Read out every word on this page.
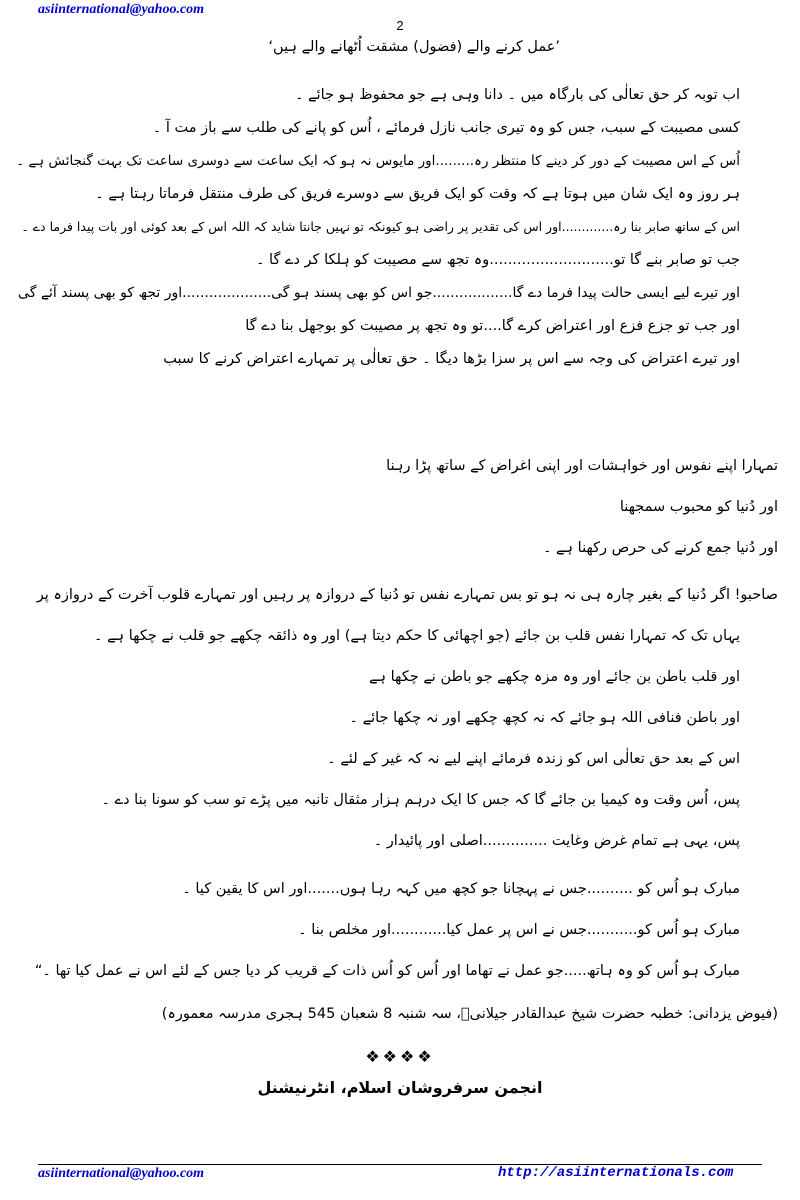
asiinternational@yahoo.com
2
’عمل کرنے والے (فضول) مشقت اُٹھانے والے ہیں‘
اب توبہ کر حق تعالٰی کی بارگاہ میں ۔ دانا وہی ہے جو محفوظ ہو جائے ۔
کسی مصیبت کے سبب، جس کو وہ تیری جانب نازل فرمائے ، اُس کو پانے کی طلب سے باز مت آ ۔
اُس کے اس مصیبت کے دور کر دینے کا منتظر رہ.........اور مایوس نہ ہو کہ ایک ساعت سے دوسری ساعت تک بہت گنجائش ہے ۔
ہر روز وہ ایک شان میں ہوتا ہے کہ وقت کو ایک فریق سے دوسرے فریق کی طرف منتقل فرماتا رہتا ہے ۔
اس کے ساتھ صابر بنا رہ.............اور اس کی تقدیر پر راضی ہو کیونکہ تو نہیں جانتا شاید کہ اللہ اس کے بعد کوئی اور بات پیدا فرما دے ۔
جب تو صابر بنے گا تو...........................وہ تجھ سے مصیبت کو ہلکا کر دے گا ۔
اور تیرے لیے ایسی حالت پیدا فرما دے گا..................جو اس کو بھی پسند ہو گی....................اور تجھ کو بھی پسند آئے گی
اور جب تو جزع فزع اور اعتراض کرے گا....تو وہ تجھ پر مصیبت کو بوجھل بنا دے گا
اور تیرے اعتراض کی وجہ سے اس پر سزا بڑھا دیگا ۔ حق تعالٰی پر تمہارے اعتراض کرنے کا سبب
تمہارا اپنے نفوس اور خواہشات اور اپنی اغراض کے ساتھ پڑا رہنا
اور دُنیا کو محبوب سمجھنا
اور دُنیا جمع کرنے کی حرص رکھنا ہے ۔
صاحبو! اگر دُنیا کے بغیر چارہ ہی نہ ہو تو بس تمہارے نفس تو دُنیا کے دروازہ پر رہیں اور تمہارے قلوب آخرت کے دروازہ پر
یہاں تک کہ تمہارا نفس قلب بن جائے (جو اچھائی کا حکم دیتا ہے) اور وہ ذائقہ چکھے جو قلب نے چکھا ہے ۔
اور قلب باطن بن جائے اور وہ مزہ چکھے جو باطن نے چکھا ہے
اور باطن فنافی اللہ ہو جائے کہ نہ کچھ چکھے اور نہ چکھا جائے ۔
اس کے بعد حق تعالٰی اس کو زندہ فرمائے اپنے لیے نہ کہ غیر کے لئے ۔
پس، اُس وقت وہ کیمیا بن جائے گا کہ جس کا ایک درہم ہزار مثقال تانبہ میں پڑے تو سب کو سونا بنا دے ۔
پس، یہی ہے تمام غرض وغایت ..............اصلی اور پائیدار ۔
مبارک ہو اُس کو ..........جس نے پہچانا جو کچھ میں کہہ رہا ہوں.......اور اس کا یقین کیا ۔
مبارک ہو اُس کو...........جس نے اس پر عمل کیا............اور مخلص بنا ۔
مبارک ہو اُس کو وہ ہاتھ.....جو عمل نے تھاما اور اُس کو اُس ذات کے قریب کر دیا جس کے لئے اس نے عمل کیا تھا ۔“
(فیوض یزدانی: خطبہ حضرت شیخ عبدالقادر جیلانیؒ، سہ شنبہ 8 شعبان 545 ہجری مدرسہ معمورہ)
❖❖❖❖
انجمن سرفروشان اسلام، انٹرنیشنل
asiinternational@yahoo.com	http://asiinternationals.com
